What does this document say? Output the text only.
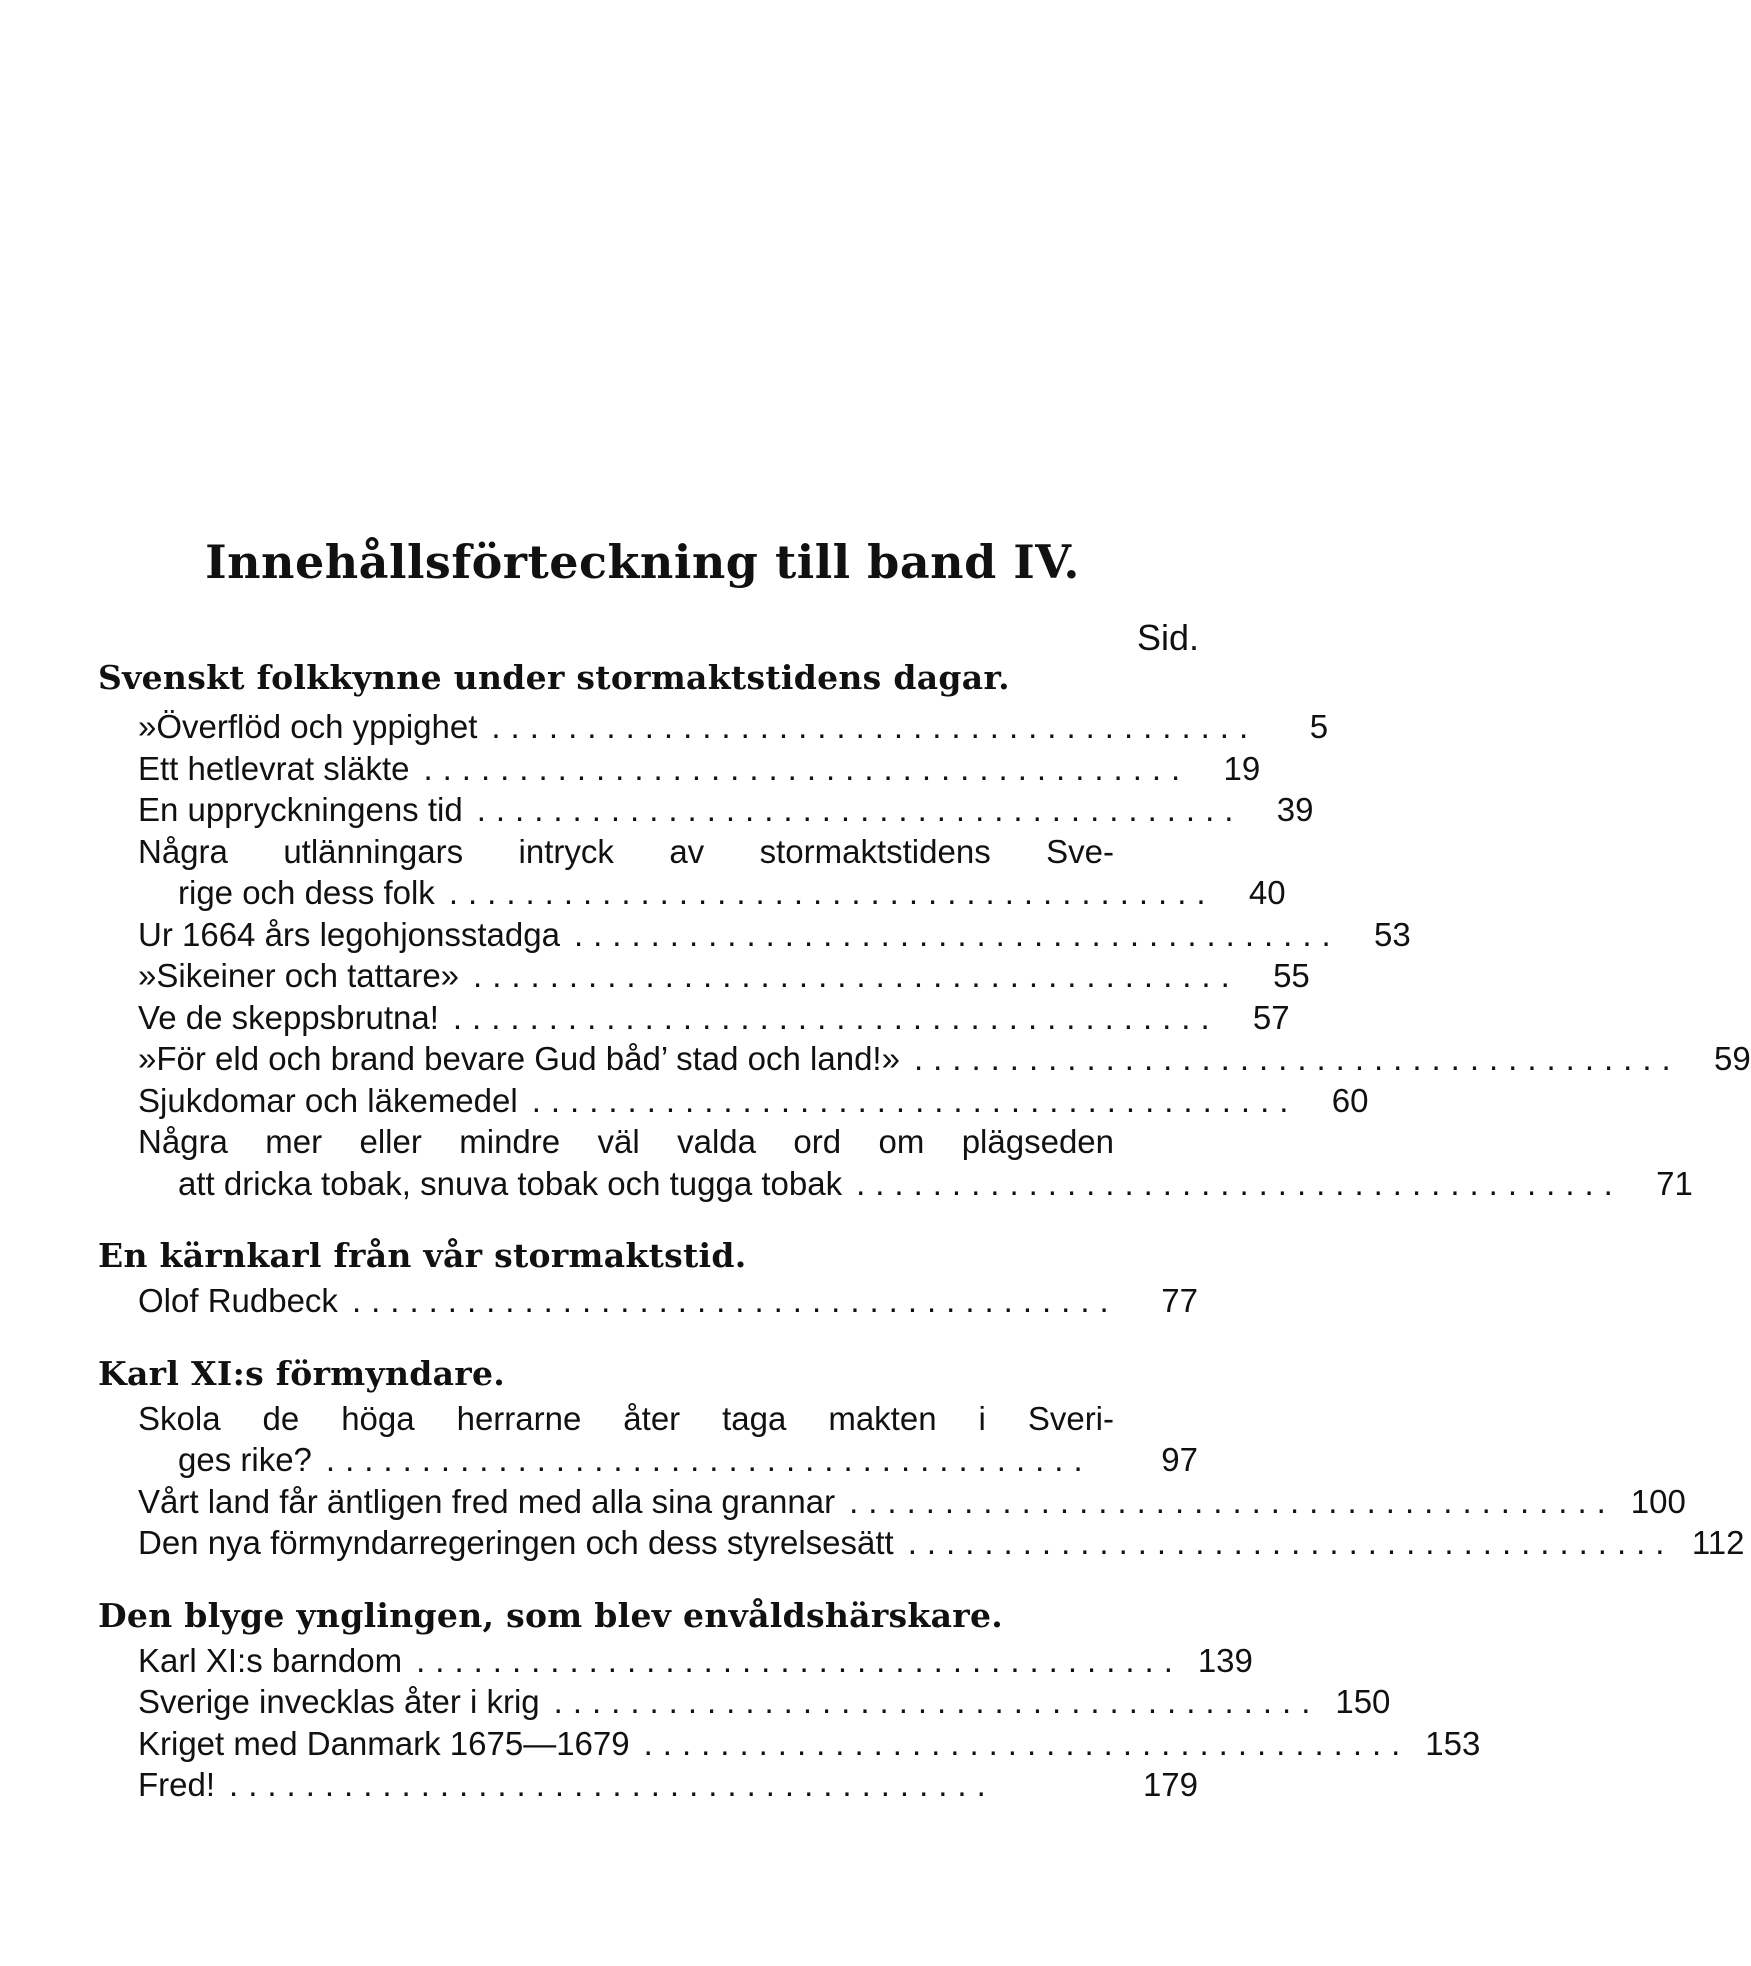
Innehållsförteckning till band IV.
Sid.
Svenskt folkkynne under stormaktstidens dagar.
»Överflöd och yppighet ........................................	5
Ett hetlevrat släkte ........................................	19
En uppryckningens tid ........................................	39
Några utlänningars intryck av stormaktstidens Sve-
rige och dess folk ........................................	40
Ur 1664 års legohjonsstadga ........................................	53
»Sikeiner och tattare» ........................................	55
Ve de skeppsbrutna! ........................................	57
»För eld och brand bevare Gud båd’ stad och land!» ........................................	59
Sjukdomar och läkemedel ........................................	60
Några mer eller mindre väl valda ord om plägseden
att dricka tobak, snuva tobak och tugga tobak ........................................	71
En kärnkarl från vår stormaktstid.
Olof Rudbeck ........................................	77
Karl XI:s förmyndare.
Skola de höga herrarne åter taga makten i Sveri-
ges rike? ........................................	97
Vårt land får äntligen fred med alla sina grannar ........................................ 100
Den nya förmyndarregeringen och dess styrelsesätt ........................................ 112
Den blyge ynglingen, som blev envåldshärskare.
Karl XI:s barndom ........................................ 139
Sverige invecklas åter i krig ........................................ 150
Kriget med Danmark 1675—1679 ........................................ 153
Fred! ........................................	179
